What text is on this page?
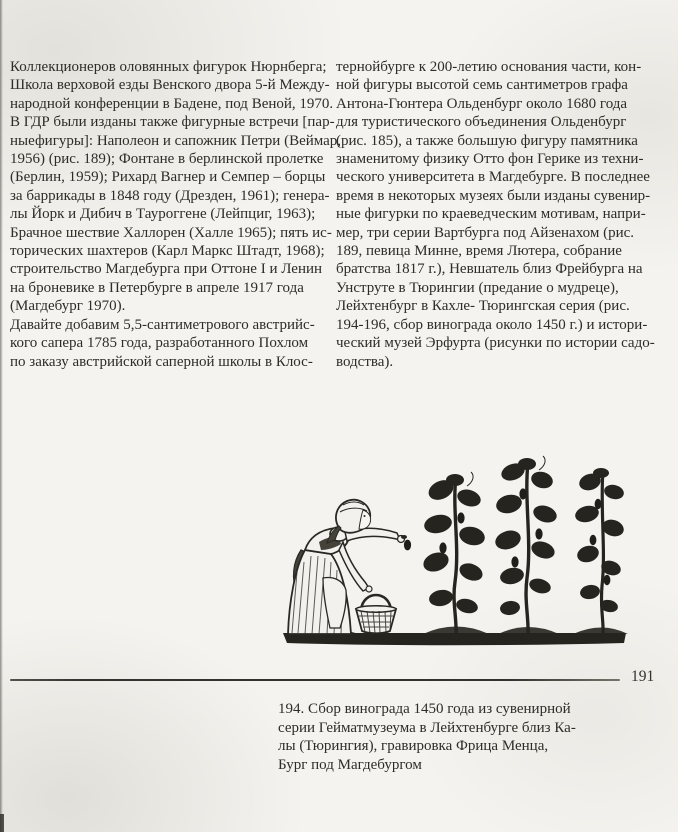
Коллекционеров оловянных фигурок Нюрнберга;
Школа верховой езды Венского двора 5-й Между-
народной конференции в Бадене, под Веной, 1970.
В ГДР были изданы также фигурные встречи [пар-
ныефигуры]: Наполеон и сапожник Петри (Веймар,
1956) (рис. 189); Фонтане в берлинской пролетке
(Берлин, 1959); Рихард Вагнер и Семпер – борцы
за баррикады в 1848 году (Дрезден, 1961); генера-
лы Йорк и Дибич в Тауроггене (Лейпциг, 1963);
Брачное шествие Халлорен (Халле 1965); пять ис-
торических шахтеров (Карл Маркс Штадт, 1968);
строительство Магдебурга при Оттоне I и Ленин
на броневике в Петербурге в апреле 1917 года
(Магдебург 1970).
Давайте добавим 5,5-сантиметрового австрийс-
кого сапера 1785 года, разработанного Похлом
по заказу австрийской саперной школы в Клос-
тернойбурге к 200-летию основания части, кон-
ной фигуры высотой семь сантиметров графа
Антона-Гюнтера Ольденбург около 1680 года
для туристического объединения Ольденбург
(рис. 185), а также большую фигуру памятника
знаменитому физику Отто фон Герике из техни-
ческого университета в Магдебурге. В последнее
время в некоторых музеях были изданы сувенир-
ные фигурки по краеведческим мотивам, напри-
мер, три серии Вартбурга под Айзенахом (рис.
189, певица Минне, время Лютера, собрание
братства 1817 г.), Невшатель близ Фрейбурга на
Унструте в Тюрингии (предание о мудреце),
Лейхтенбург в Кахле- Тюрингская серия (рис.
194-196, сбор винограда около 1450 г.) и истори-
ческий музей Эрфурта (рисунки по истории садо-
водства).
191
194. Сбор винограда 1450 года из сувенирной
серии Гейматмузеума в Лейхтенбурге близ Ка-
лы (Тюрингия), гравировка Фрица Менца,
Бург под Магдебургом
